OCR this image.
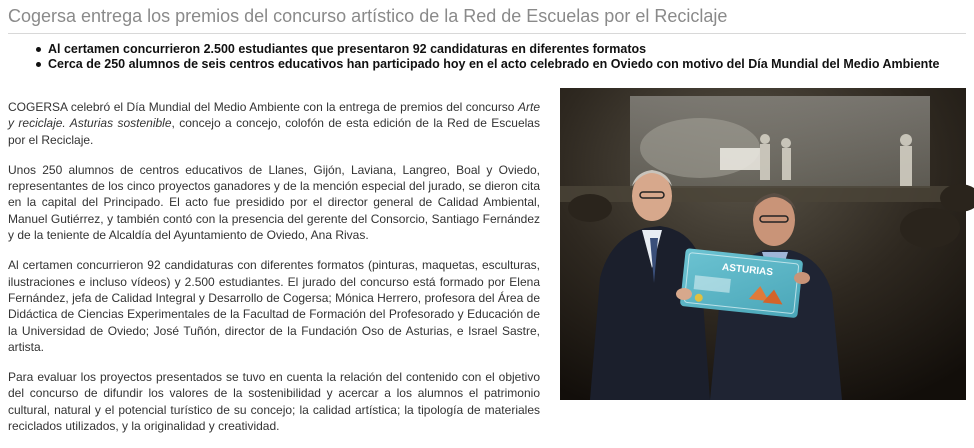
Cogersa entrega los premios del concurso artístico de la Red de Escuelas por el Reciclaje
Al certamen concurrieron 2.500 estudiantes que presentaron 92 candidaturas en diferentes formatos
Cerca de 250 alumnos de seis centros educativos han participado hoy en el acto celebrado en Oviedo con motivo del Día Mundial del Medio Ambiente

COGERSA celebró el Día Mundial del Medio Ambiente con la entrega de premios del concurso Arte y reciclaje. Asturias sostenible, concejo a concejo, colofón de esta edición de la Red de Escuelas por el Reciclaje.

Unos 250 alumnos de centros educativos de Llanes, Gijón, Laviana, Langreo, Boal y Oviedo, representantes de los cinco proyectos ganadores y de la mención especial del jurado, se dieron cita en la capital del Principado. El acto fue presidido por el director general de Calidad Ambiental, Manuel Gutiérrez, y también contó con la presencia del gerente del Consorcio, Santiago Fernández y de la teniente de Alcaldía del Ayuntamiento de Oviedo, Ana Rivas.

Al certamen concurrieron 92 candidaturas con diferentes formatos (pinturas, maquetas, esculturas, ilustraciones e incluso vídeos) y 2.500 estudiantes. El jurado del concurso está formado por Elena Fernández, jefa de Calidad Integral y Desarrollo de Cogersa; Mónica Herrero, profesora del Área de Didáctica de Ciencias Experimentales de la Facultad de Formación del Profesorado y Educación de la Universidad de Oviedo; José Tuñón, director de la Fundación Oso de Asturias, e Israel Sastre, artista.

Para evaluar los proyectos presentados se tuvo en cuenta la relación del contenido con el objetivo del concurso de difundir los valores de la sostenibilidad y acercar a los alumnos el patrimonio cultural, natural y el potencial turístico de su concejo; la calidad artística; la tipología de materiales reciclados utilizados, y la originalidad y creatividad.

ASTURIAS
